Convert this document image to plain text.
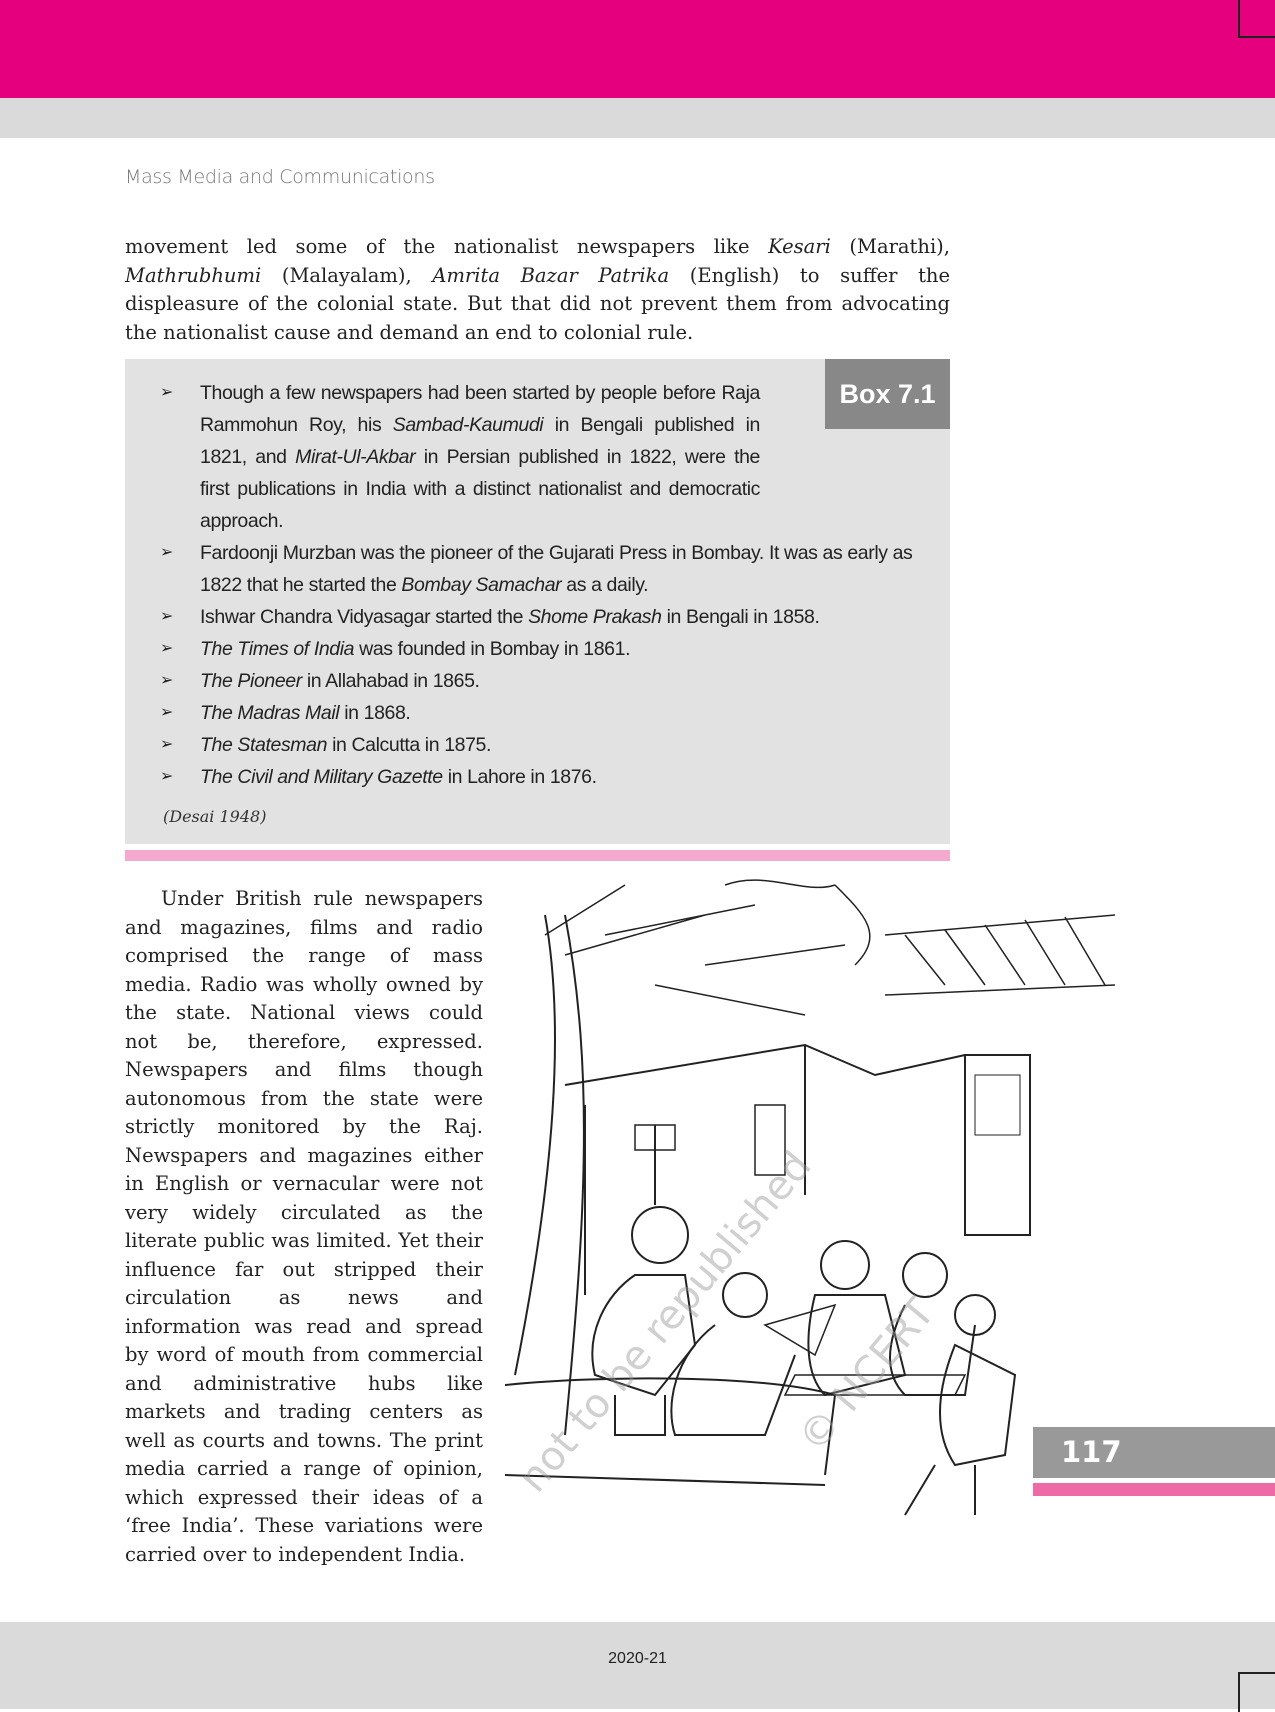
Mass Media and Communications

movement led some of the nationalist newspapers like Kesari (Marathi), Mathrubhumi (Malayalam), Amrita Bazar Patrika (English) to suffer the displeasure of the colonial state. But that did not prevent them from advocating the nationalist cause and demand an end to colonial rule.

Box 7.1
➢ Though a few newspapers had been started by people before Raja Rammohun Roy, his Sambad-Kaumudi in Bengali published in 1821, and Mirat-Ul-Akbar in Persian published in 1822, were the first publications in India with a distinct nationalist and democratic approach.
➢ Fardoonji Murzban was the pioneer of the Gujarati Press in Bombay. It was as early as 1822 that he started the Bombay Samachar as a daily.
➢ Ishwar Chandra Vidyasagar started the Shome Prakash in Bengali in 1858.
➢ The Times of India was founded in Bombay in 1861.
➢ The Pioneer in Allahabad in 1865.
➢ The Madras Mail in 1868.
➢ The Statesman in Calcutta in 1875.
➢ The Civil and Military Gazette in Lahore in 1876.
(Desai 1948)
Under British rule newspapers
and magazines, films and radio
comprised the range of mass
media. Radio was wholly owned by
the state. National views could
not be, therefore, expressed.
Newspapers and films though
autonomous from the state were
strictly monitored by the Raj.
Newspapers and magazines either
in English or vernacular were not
very widely circulated as the
literate public was limited. Yet their
influence far out stripped their
circulation as news and
information was read and spread
by word of mouth from commercial
and administrative hubs like
markets and trading centers as
well as courts and towns. The print
media carried a range of opinion,
which expressed their ideas of a
‘free India’. These variations were
carried over to independent India.
not to be republished
© NCERT	117
2020-21
